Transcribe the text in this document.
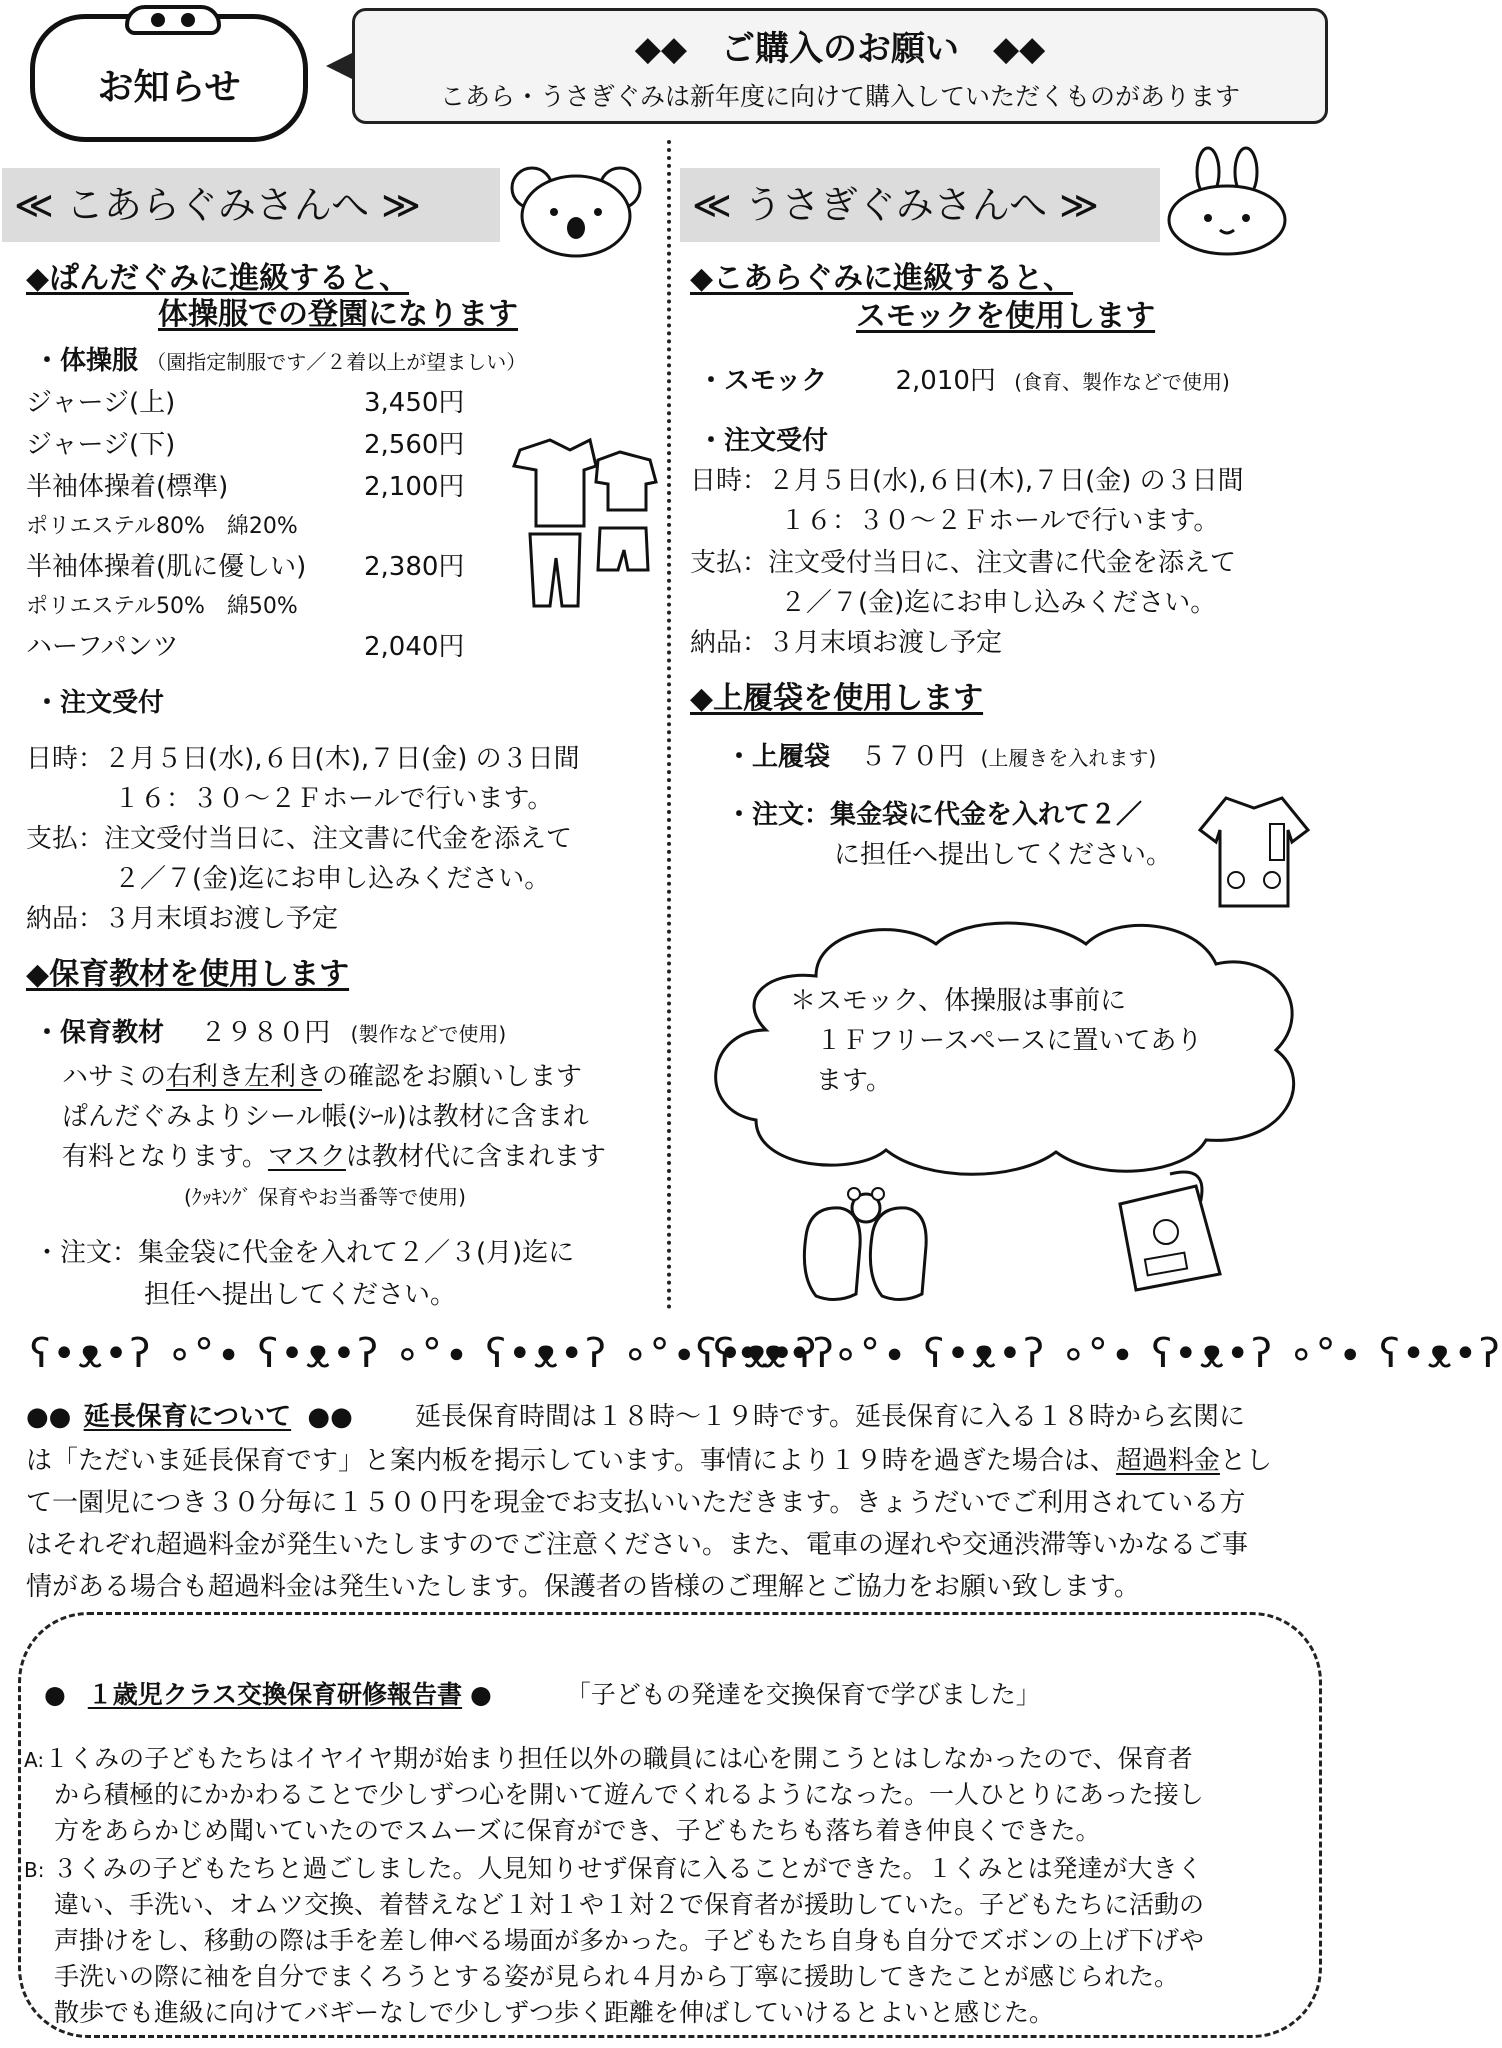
お知らせ
◆◆　ご購入のお願い　◆◆
こあら・うさぎぐみは新年度に向けて購入していただくものがあります
≪ こあらぐみさんへ ≫
◆ぱんだぐみに進級すると、
体操服での登園になります
・体操服 （園指定制服です／２着以上が望ましい）
ジャージ(上)	3,450円
ジャージ(下)	2,560円
半袖体操着(標準)	2,100円
ポリエステル80%　綿20%
半袖体操着(肌に優しい) 2,380円
ポリエステル50%　綿50%
ハーフパンツ	2,040円
・注文受付
日時：２月５日(水),６日(木),７日(金) の３日間
１６：３０～２Ｆホールで行います。
支払：注文受付当日に、注文書に代金を添えて
２／７(金)迄にお申し込みください。
納品：３月末頃お渡し予定
◆保育教材を使用します
・保育教材 ２９８０円 (製作などで使用)
ハサミの右利き左利きの確認をお願いします
ぱんだぐみよりシール帳(ｼｰﾙ)は教材に含まれ
有料となります。マスクは教材代に含まれます
(ｸｯｷﾝｸﾞ 保育やお当番等で使用)
・注文：集金袋に代金を入れて２／３(月)迄に
担任へ提出してください。
≪ うさぎぐみさんへ ≫
◆こあらぐみに進級すると、
スモックを使用します
・スモック	2,010円 (食育、製作などで使用)
・注文受付
日時：２月５日(水),６日(木),７日(金) の３日間
１６：３０～２Ｆホールで行います。
支払：注文受付当日に、注文書に代金を添えて
２／７(金)迄にお申し込みください。
納品：３月末頃お渡し予定
◆上履袋を使用します
・上履袋 ５７０円 (上履きを入れます)
・注文：集金袋に代金を入れて２／
に担任へ提出してください。
＊スモック、体操服は事前に
１Ｆフリースペースに置いてあり
ます。
ʕ•ᴥ•ʔ ∘°∙ ʕ•ᴥ•ʔ ∘°∙ ʕ•ᴥ•ʔ ∘°∙ ʕ•ᴥ•ʔ
ʕ•ᴥ•ʔ ∘°∙ ʕ•ᴥ•ʔ ∘°∙ ʕ•ᴥ•ʔ ∘°∙ ʕ•ᴥ•ʔ
●● 延長保育について ●● 延長保育時間は１８時～１９時です。延長保育に入る１８時から玄関に
は「ただいま延長保育です」と案内板を掲示しています。事情により１９時を過ぎた場合は、超過料金とし
て一園児につき３０分毎に１５００円を現金でお支払いいただきます。きょうだいでご利用されている方
はそれぞれ超過料金が発生いたしますのでご注意ください。また、電車の遅れや交通渋滞等いかなるご事
情がある場合も超過料金は発生いたします。保護者の皆様のご理解とご協力をお願い致します。
● １歳児クラス交換保育研修報告書 ●	「子どもの発達を交換保育で学びました」
A:１くみの子どもたちはイヤイヤ期が始まり担任以外の職員には心を開こうとはしなかったので、保育者
から積極的にかかわることで少しずつ心を開いて遊んでくれるようになった。一人ひとりにあった接し
方をあらかじめ聞いていたのでスムーズに保育ができ、子どもたちも落ち着き仲良くできた。
B: ３くみの子どもたちと過ごしました。人見知りせず保育に入ることができた。１くみとは発達が大きく
違い、手洗い、オムツ交換、着替えなど１対１や１対２で保育者が援助していた。子どもたちに活動の
声掛けをし、移動の際は手を差し伸べる場面が多かった。子どもたち自身も自分でズボンの上げ下げや
手洗いの際に袖を自分でまくろうとする姿が見られ４月から丁寧に援助してきたことが感じられた。
散歩でも進級に向けてバギーなしで少しずつ歩く距離を伸ばしていけるとよいと感じた。
